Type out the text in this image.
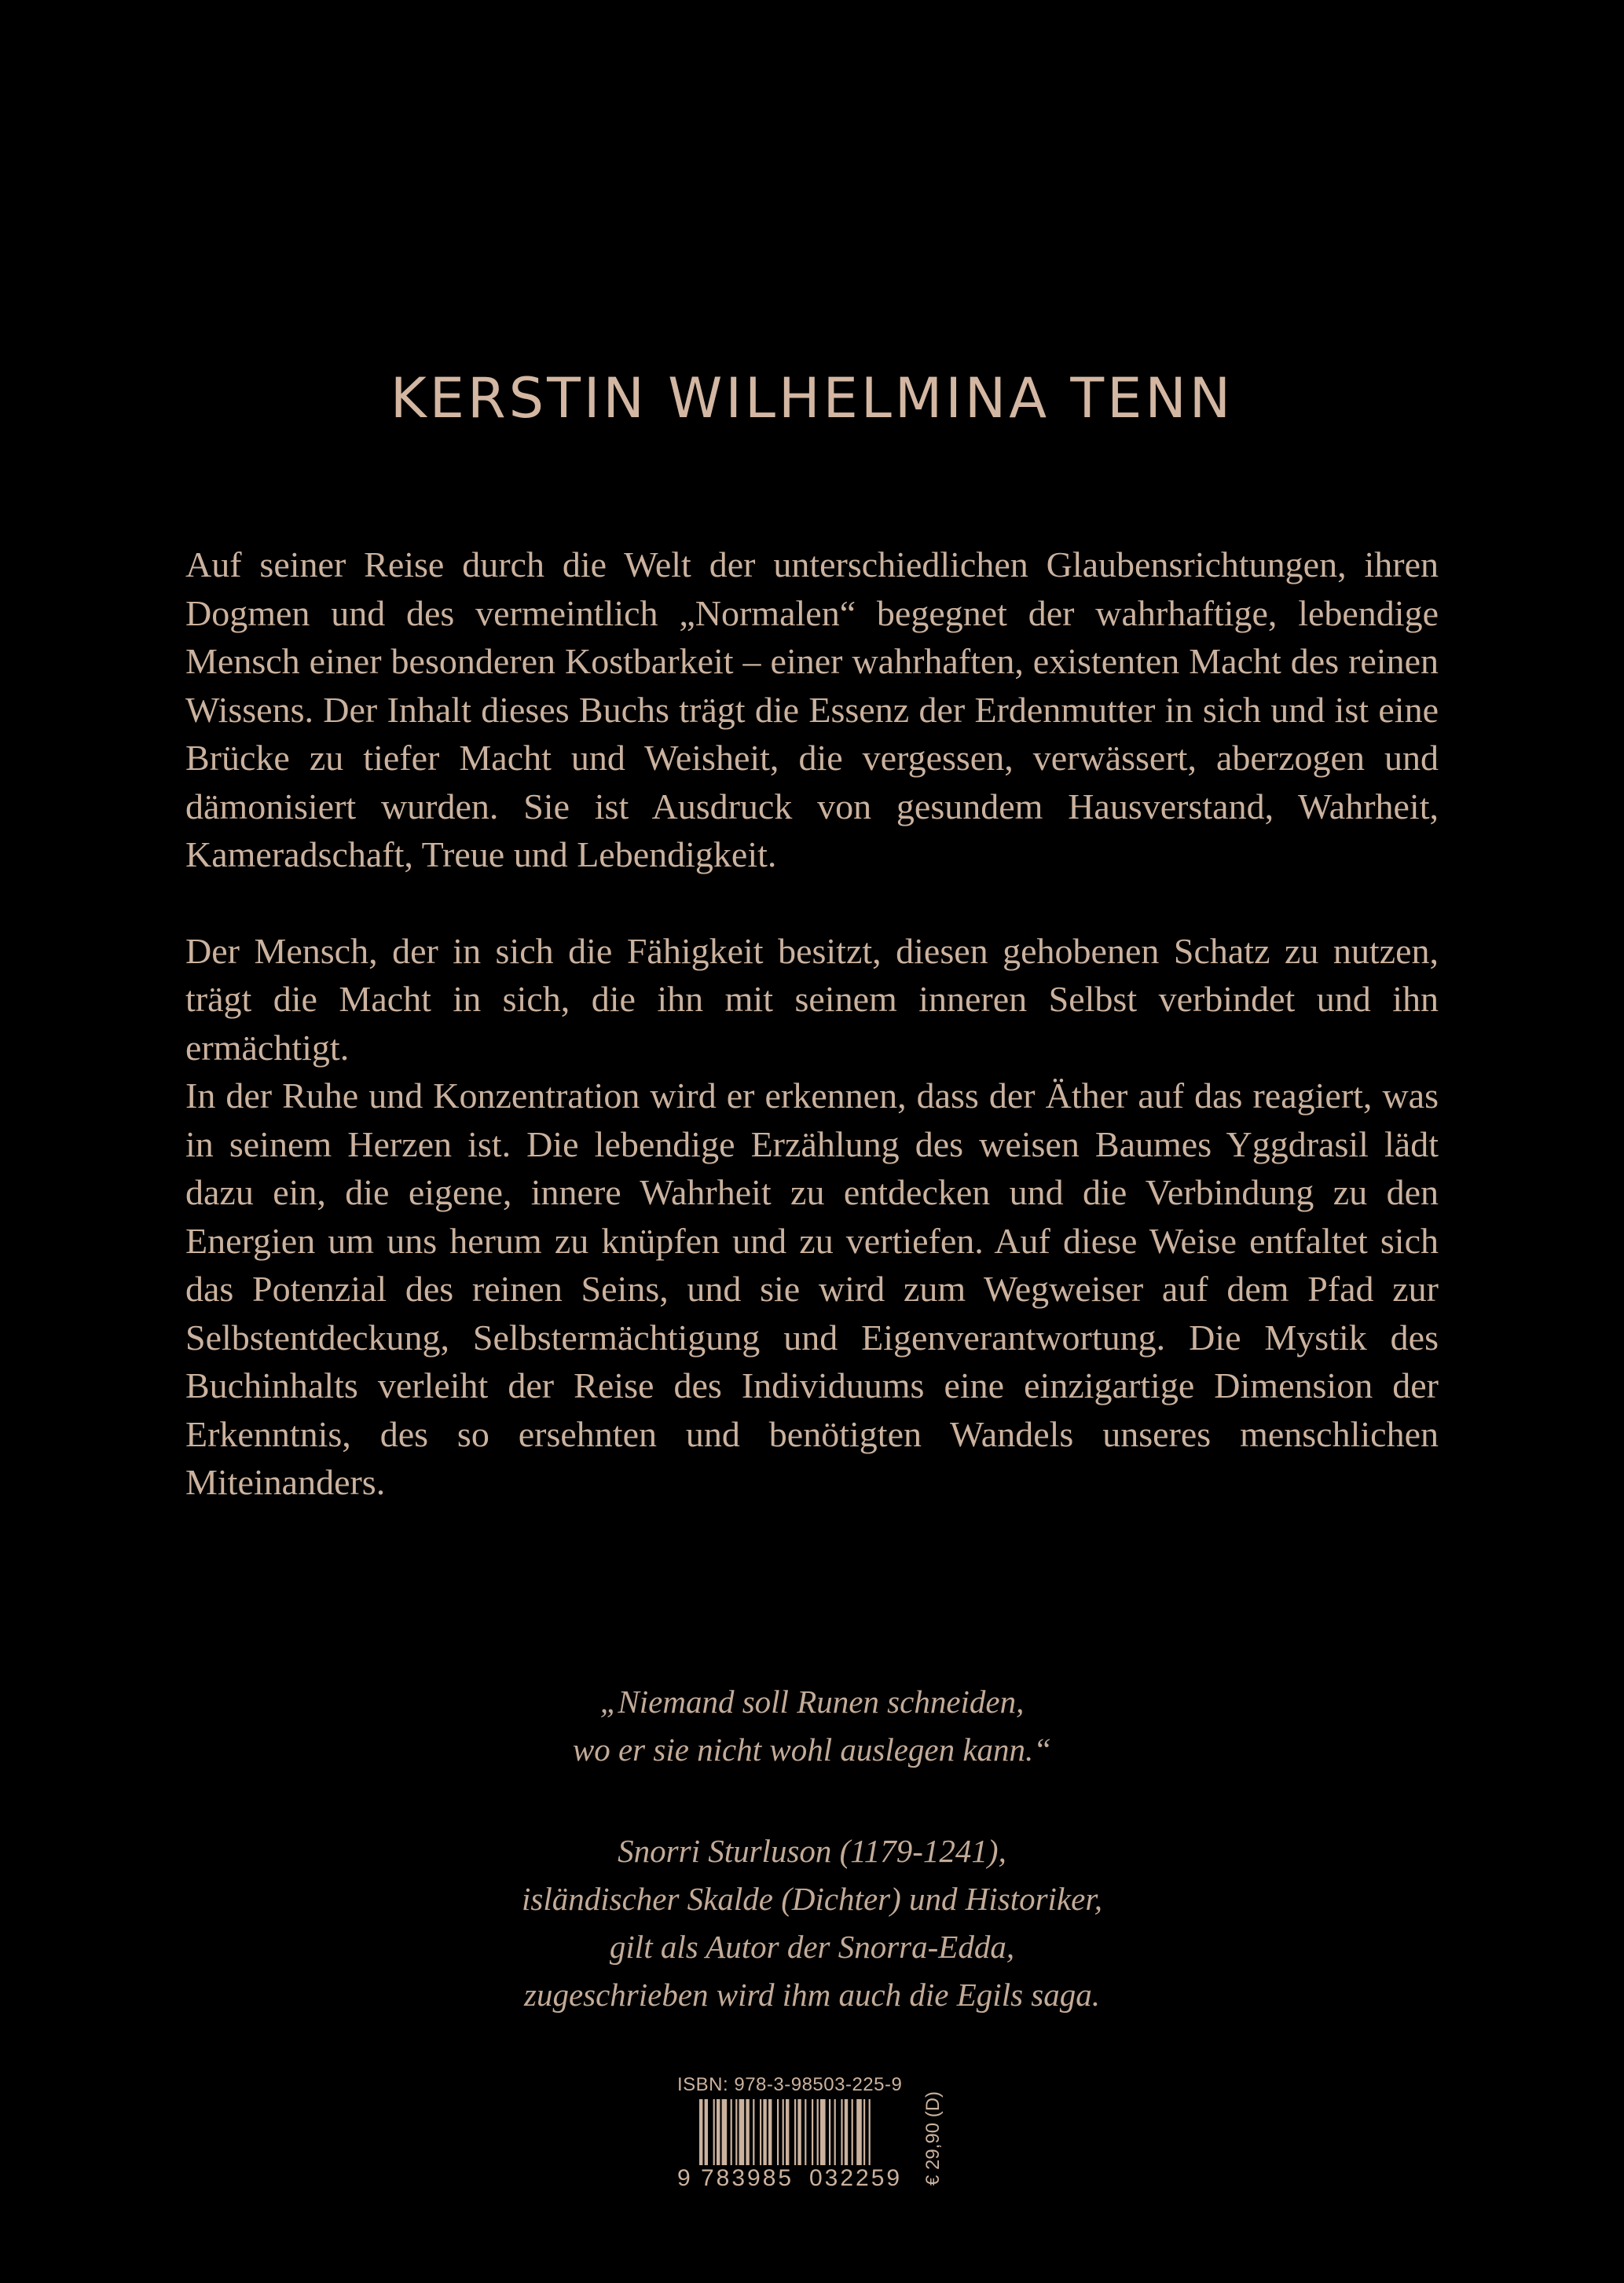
KERSTIN WILHELMINA TENN

Auf seiner Reise durch die Welt der unterschiedlichen Glaubensrichtungen, ihren Dogmen und des vermeintlich „Normalen“ begegnet der wahrhaftige, lebendige Mensch einer besonderen Kostbarkeit – einer wahrhaften, existenten Macht des reinen Wissens. Der Inhalt dieses Buchs trägt die Essenz der Erdenmutter in sich und ist eine Brücke zu tiefer Macht und Weisheit, die vergessen, verwässert, aberzogen und dämonisiert wurden. Sie ist Ausdruck von gesundem Hausverstand, Wahrheit, Kameradschaft, Treue und Lebendigkeit.

Der Mensch, der in sich die Fähigkeit besitzt, diesen gehobenen Schatz zu nutzen, trägt die Macht in sich, die ihn mit seinem inneren Selbst verbindet und ihn ermächtigt.

In der Ruhe und Konzentration wird er erkennen, dass der Äther auf das reagiert, was in seinem Herzen ist. Die lebendige Erzählung des weisen Baumes Yggdrasil lädt dazu ein, die eigene, innere Wahrheit zu entdecken und die Verbindung zu den Energien um uns herum zu knüpfen und zu vertiefen. Auf diese Weise entfaltet sich das Potenzial des reinen Seins, und sie wird zum Wegweiser auf dem Pfad zur Selbstentdeckung, Selbstermächtigung und Eigenverantwortung. Die Mystik des Buchinhalts verleiht der Reise des Individuums eine einzigartige Dimension der Erkenntnis, des so ersehnten und benötigten Wandels unseres menschlichen Miteinanders.

„Niemand soll Runen schneiden,
wo er sie nicht wohl auslegen kann.“
Snorri Sturluson (1179-1241),
isländischer Skalde (Dichter) und Historiker,
gilt als Autor der Snorra-Edda,
zugeschrieben wird ihm auch die Egils saga.
ISBN: 978-3-98503-225-9
9 783985 032259	€ 29,90 (D)
